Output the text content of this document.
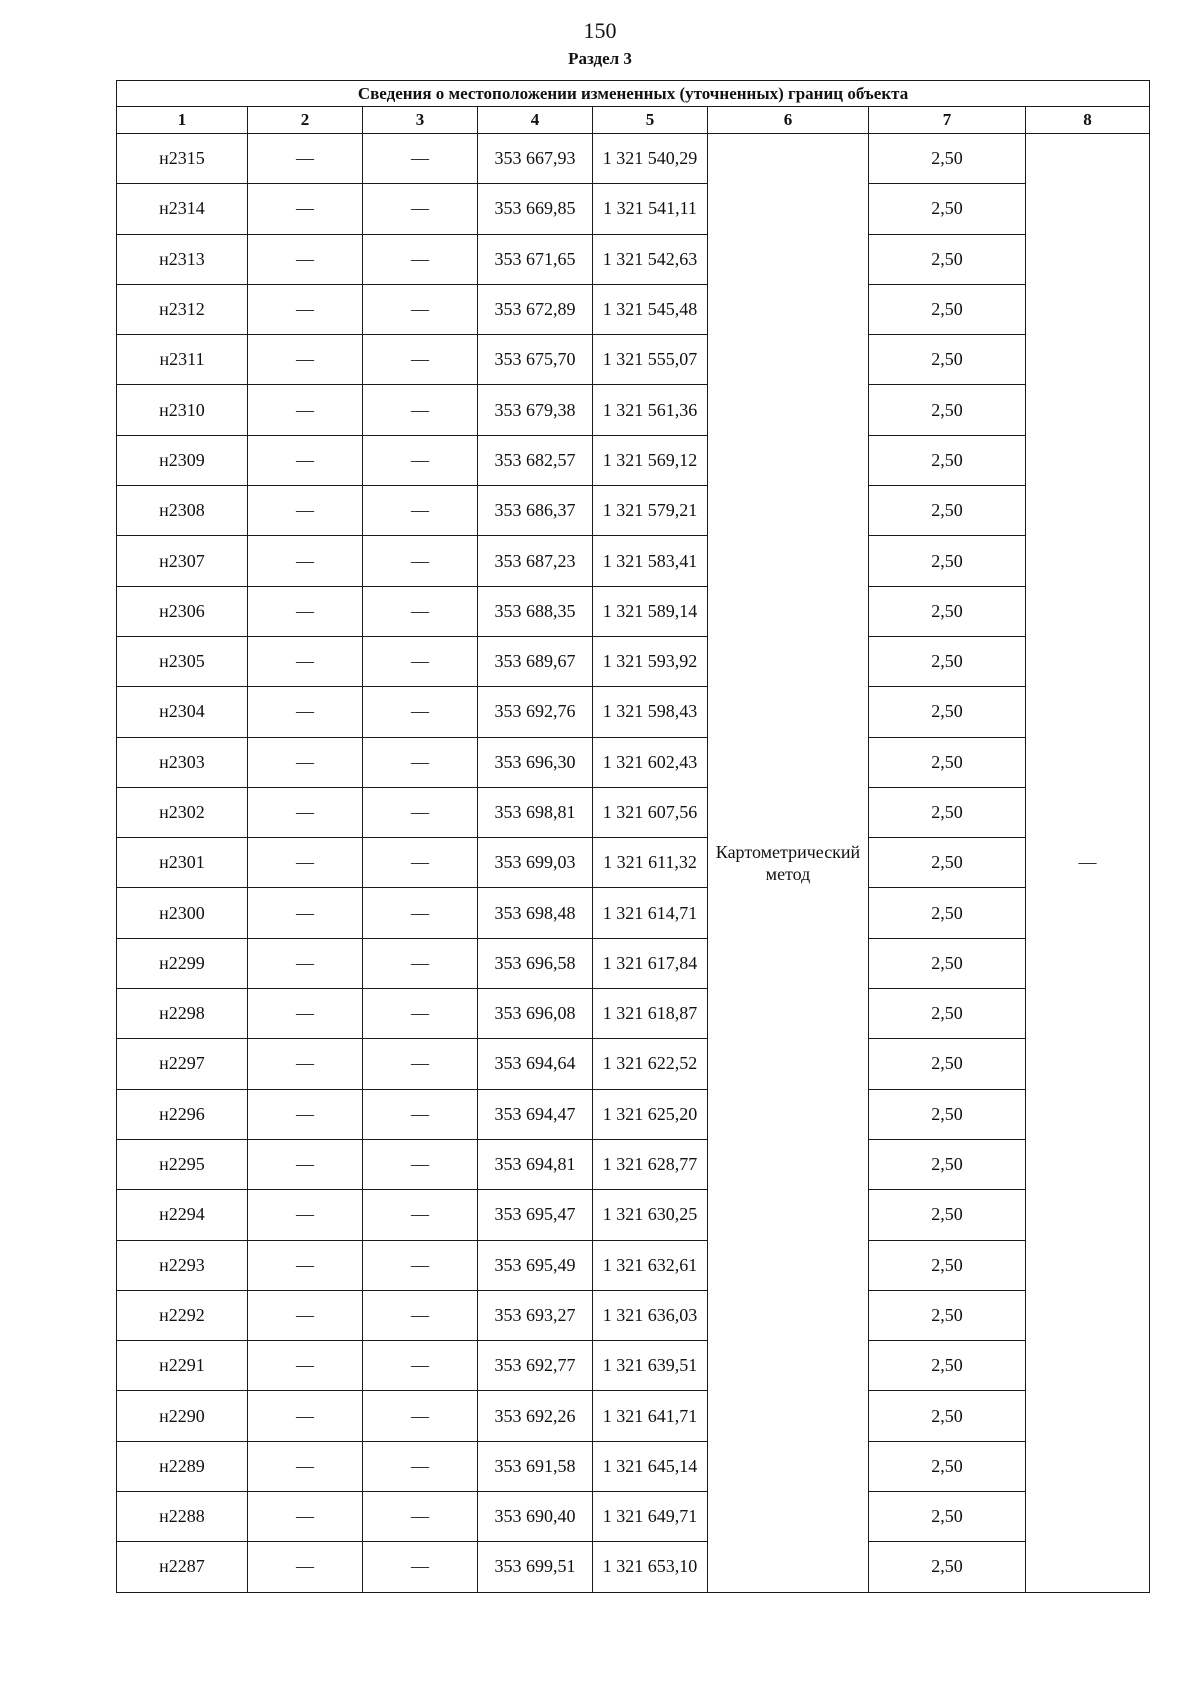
150
Раздел 3
Сведения о местоположении измененных (уточненных) границ объекта							
1	2	3	4	5	6	7	8
н2315	—	—	353 667,93	1 321 540,29	Картометрический метод	2,50	—
н2314	—	—	353 669,85	1 321 541,11		2,50	
н2313	—	—	353 671,65	1 321 542,63		2,50	
н2312	—	—	353 672,89	1 321 545,48		2,50	
н2311	—	—	353 675,70	1 321 555,07		2,50	
н2310	—	—	353 679,38	1 321 561,36		2,50	
н2309	—	—	353 682,57	1 321 569,12		2,50	
н2308	—	—	353 686,37	1 321 579,21		2,50	
н2307	—	—	353 687,23	1 321 583,41		2,50	
н2306	—	—	353 688,35	1 321 589,14		2,50	
н2305	—	—	353 689,67	1 321 593,92		2,50	
н2304	—	—	353 692,76	1 321 598,43		2,50	
н2303	—	—	353 696,30	1 321 602,43		2,50	
н2302	—	—	353 698,81	1 321 607,56		2,50	
н2301	—	—	353 699,03	1 321 611,32		2,50	
н2300	—	—	353 698,48	1 321 614,71		2,50	
н2299	—	—	353 696,58	1 321 617,84		2,50	
н2298	—	—	353 696,08	1 321 618,87		2,50	
н2297	—	—	353 694,64	1 321 622,52		2,50	
н2296	—	—	353 694,47	1 321 625,20		2,50	
н2295	—	—	353 694,81	1 321 628,77		2,50	
н2294	—	—	353 695,47	1 321 630,25		2,50	
н2293	—	—	353 695,49	1 321 632,61		2,50	
н2292	—	—	353 693,27	1 321 636,03		2,50	
н2291	—	—	353 692,77	1 321 639,51		2,50	
н2290	—	—	353 692,26	1 321 641,71		2,50	
н2289	—	—	353 691,58	1 321 645,14		2,50	
н2288	—	—	353 690,40	1 321 649,71		2,50	
н2287	—	—	353 699,51	1 321 653,10		2,50	
